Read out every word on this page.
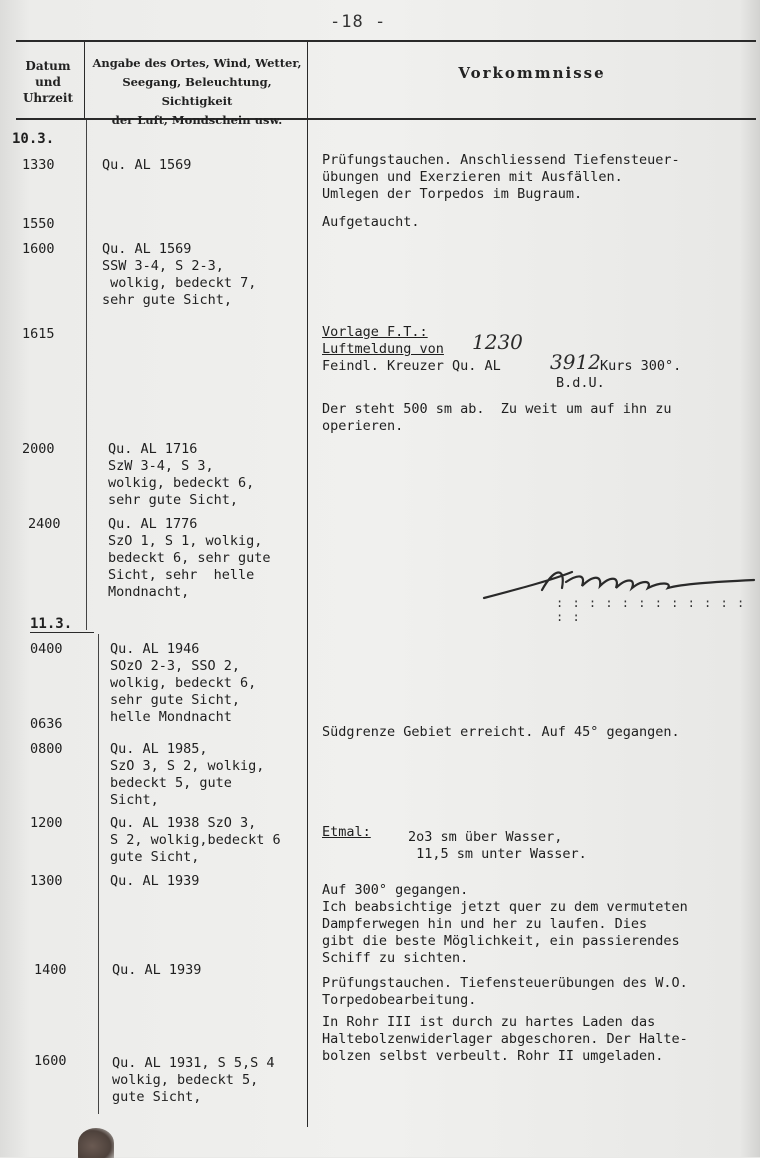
-18 -
Datum
und
Uhrzeit
Angabe des Ortes, Wind, Wetter,
Seegang, Beleuchtung, Sichtigkeit
der Luft, Mondschein usw.
Vorkommnisse
10.3.
11.3.
1330
1550
1600
1615
2000
2400
0400
0636
0800
1200
1300
1400
1600
Qu. AL 1569
Qu. AL 1569
SSW 3-4, S 2-3,
wolkig, bedeckt 7,
sehr gute Sicht,
Qu. AL 1716
SzW 3-4, S 3,
wolkig, bedeckt 6,
sehr gute Sicht,
Qu. AL 1776
SzO 1, S 1, wolkig,
bedeckt 6, sehr gute
Sicht, sehr  helle
Mondnacht,
Qu. AL 1946
SOzO 2-3, SSO 2,
wolkig, bedeckt 6,
sehr gute Sicht,
helle Mondnacht
Qu. AL 1985,
SzO 3, S 2, wolkig,
bedeckt 5, gute
Sicht,
Qu. AL 1938 SzO 3,
S 2, wolkig,bedeckt 6
gute Sicht,
Qu. AL 1939
Qu. AL 1939
Qu. AL 1931, S 5,S 4
wolkig, bedeckt 5,
gute Sicht,
Prüfungstauchen. Anschliessend Tiefensteuer-
übungen und Exerzieren mit Ausfällen.
Umlegen der Torpedos im Bugraum.
Aufgetaucht.
Vorlage F.T.:
Luftmeldung von 1230
Feindl. Kreuzer Qu. AL 3912 Kurs 300°.
B.d.U.
Der steht 500 sm ab.  Zu weit um auf ihn zu
operieren.
: : : : : : : : : : : : : :
Südgrenze Gebiet erreicht. Auf 45° gegangen.
Etmal:	2o3 sm über Wasser,
11,5 sm unter Wasser.
Auf 300° gegangen.
Ich beabsichtige jetzt quer zu dem vermuteten
Dampferwegen hin und her zu laufen. Dies
gibt die beste Möglichkeit, ein passierendes
Schiff zu sichten.
Prüfungstauchen. Tiefensteuerübungen des W.O.
Torpedobearbeitung.
In Rohr III ist durch zu hartes Laden das
Haltebolzenwiderlager abgeschoren. Der Halte-
bolzen selbst verbeult. Rohr II umgeladen.
